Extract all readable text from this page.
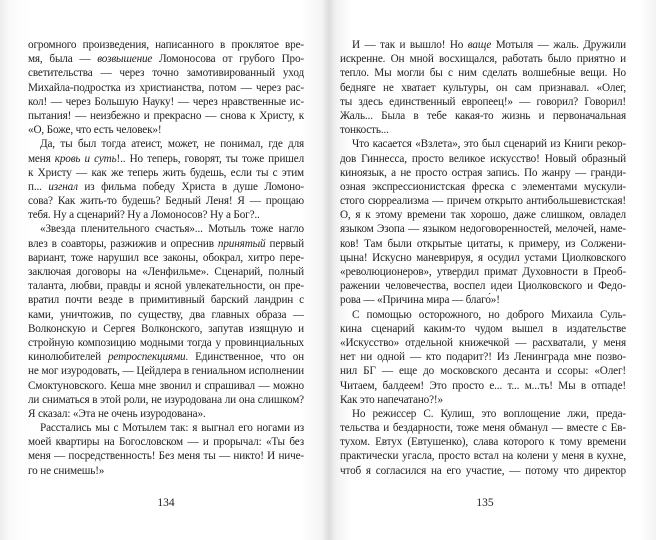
огромного произведения, написанного в проклятое вре-
мя, была — возвышение Ломоносова от грубого Про-
светительства — через точно замотивированный уход
Михайла-подростка из христианства, потом — через рас-
кол! — через Большую Науку! — через нравственные ис-
пытания! — неизбежно и прекрасно — снова к Христу, к
«О, Боже, что есть человек»!
Да, ты был тогда атеист, может, не понимал, где для
меня кровь и суть!.. Но теперь, говорят, ты тоже пришел
к Христу — как же теперь жить будешь, если ты с этим
п... изгнал из фильма победу Христа в душе Ломоно-
сова? Как жить-то будешь? Бедный Леня! Я — прощаю
тебя. Ну а сценарий? Ну а Ломоносов? Ну а Бог?..
«Звезда пленительного счастья»... Мотыль тоже нагло
влез в соавторы, разжижив и опреснив принятый первый
вариант, тоже нарушил все законы, обокрал, хитро пере-
заключая договоры на «Ленфильме». Сценарий, полный
таланта, любви, правды и ясной увлекательности, он пре-
вратил почти везде в примитивный барский ландрин с
ками, уничтожив, по существу, два главных образа —
Волконскую и Сергея Волконского, запутав изящную и
стройную композицию модными тогда у провинциальных
кинолюбителей ретроспекциями. Единственное, что он
не мог изуродовать, — Цейдлера в гениальном исполнении
Смоктуновского. Кеша мне звонил и спрашивал — можно
ли сниматься в этой роли, не изуродована ли она слишком?
Я сказал: «Эта не очень изуродована».
Расстались мы с Мотылем так: я выгнал его ногами из
моей квартиры на Богословском — и прорычал: «Ты без
меня — посредственность! Без меня ты — никто! И ниче-
го не снимешь!»
134
И — так и вышло! Но ваще Мотыля — жаль. Дружили
искренне. Он мной восхищался, работать было приятно и
тепло. Мы могли бы с ним сделать волшебные вещи. Но
бедняге не хватает культуры, он сам признавал. «Олег,
ты здесь единственный европеец!» — говорил? Говорил!
Жаль... Была в тебе какая-то жизнь и первоначальная
тонкость...
Что касается «Взлета», это был сценарий из Книги рекор-
дов Гиннесса, просто великое искусство! Новый образный
киноязык, а не просто острая запись. По жанру — гранди-
озная экспрессионистская фреска с элементами мускули-
стого сюрреализма — причем открыто антибольшевистская!
О, я к этому времени так хорошо, даже слишком, овладел
языком Эзопа — языком недоговоренностей, мелочей, наме-
ков! Там были открытые цитаты, к примеру, из Солжени-
цына! Искусно маневрируя, я осудил устами Циолковского
«революционеров», утвердил примат Духовности в Преоб-
ражении человечества, воспел идеи Циолковского и Федо-
рова — «Причина мира — благо́»!
С помощью осторожного, но доброго Михаила Суль-
кина сценарий каким-то чудом вышел в издательстве
«Искусство» отдельной книжечкой — расхватали, у меня
нет ни одной — кто подарит?! Из Ленинграда мне позво-
нил БГ — еще до московского десанта и ссоры: «Олег!
Читаем, балдеем! Это просто е... т... м...ть! Мы в отпаде!
Как это напечатано?!»
Но режиссер С. Кулиш, это воплощение лжи, преда-
тельства и бездарности, тоже меня обманул — вместе с Ев-
тухом. Евтух (Евтушенко), слава которого к тому времени
практически угасла, просто встал на колени у меня в кухне,
чтоб я согласился на его участие, — потому что директор
135
